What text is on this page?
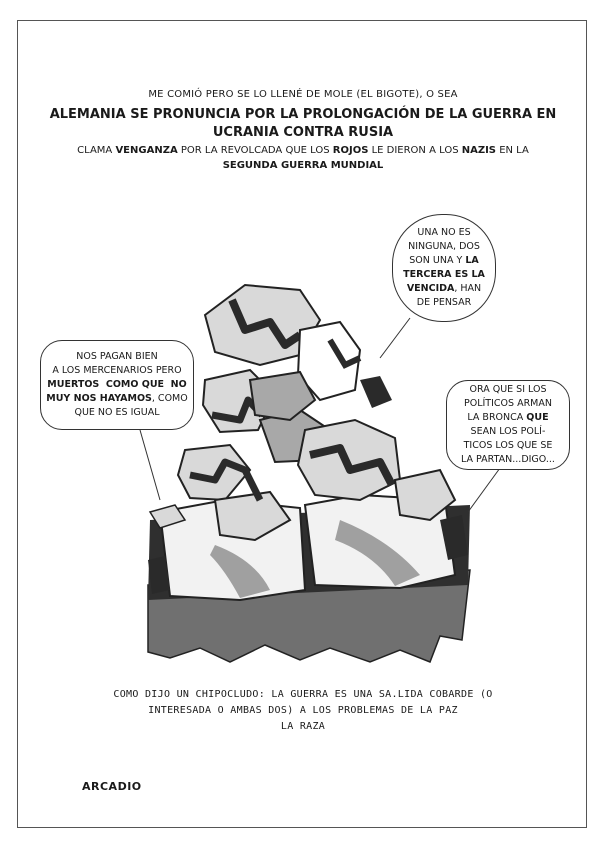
ME COMIÓ PERO SE LO LLENÉ DE MOLE (EL BIGOTE), O SEA
ALEMANIA SE PRONUNCIA POR LA PROLONGACIÓN DE LA GUERRA EN
UCRANIA CONTRA RUSIA
CLAMA VENGANZA POR LA REVOLCADA QUE LOS ROJOS LE DIERON A LOS NAZIS EN LA
SEGUNDA GUERRA MUNDIAL
UNA NO ES
NINGUNA, DOS
SON UNA Y LA
TERCERA ES LA
VENCIDA, HAN
DE PENSAR
NOS PAGAN BIEN
A LOS MERCENARIOS PERO
MUERTOS  COMO QUE  NO
MUY NOS HAYAMOS, COMO
QUE NO ES IGUAL
ORA QUE SI LOS
POLÍTICOS ARMAN
LA BRONCA QUE
SEAN LOS POLÍ-
TICOS LOS QUE SE
LA PARTAN...DIGO...
COMO DIJO UN CHIPOCLUDO: LA GUERRA ES UNA SA.LIDA COBARDE (O
INTERESADA O AMBAS DOS) A LOS PROBLEMAS DE LA PAZ
LA RAZA
ARCADIO
